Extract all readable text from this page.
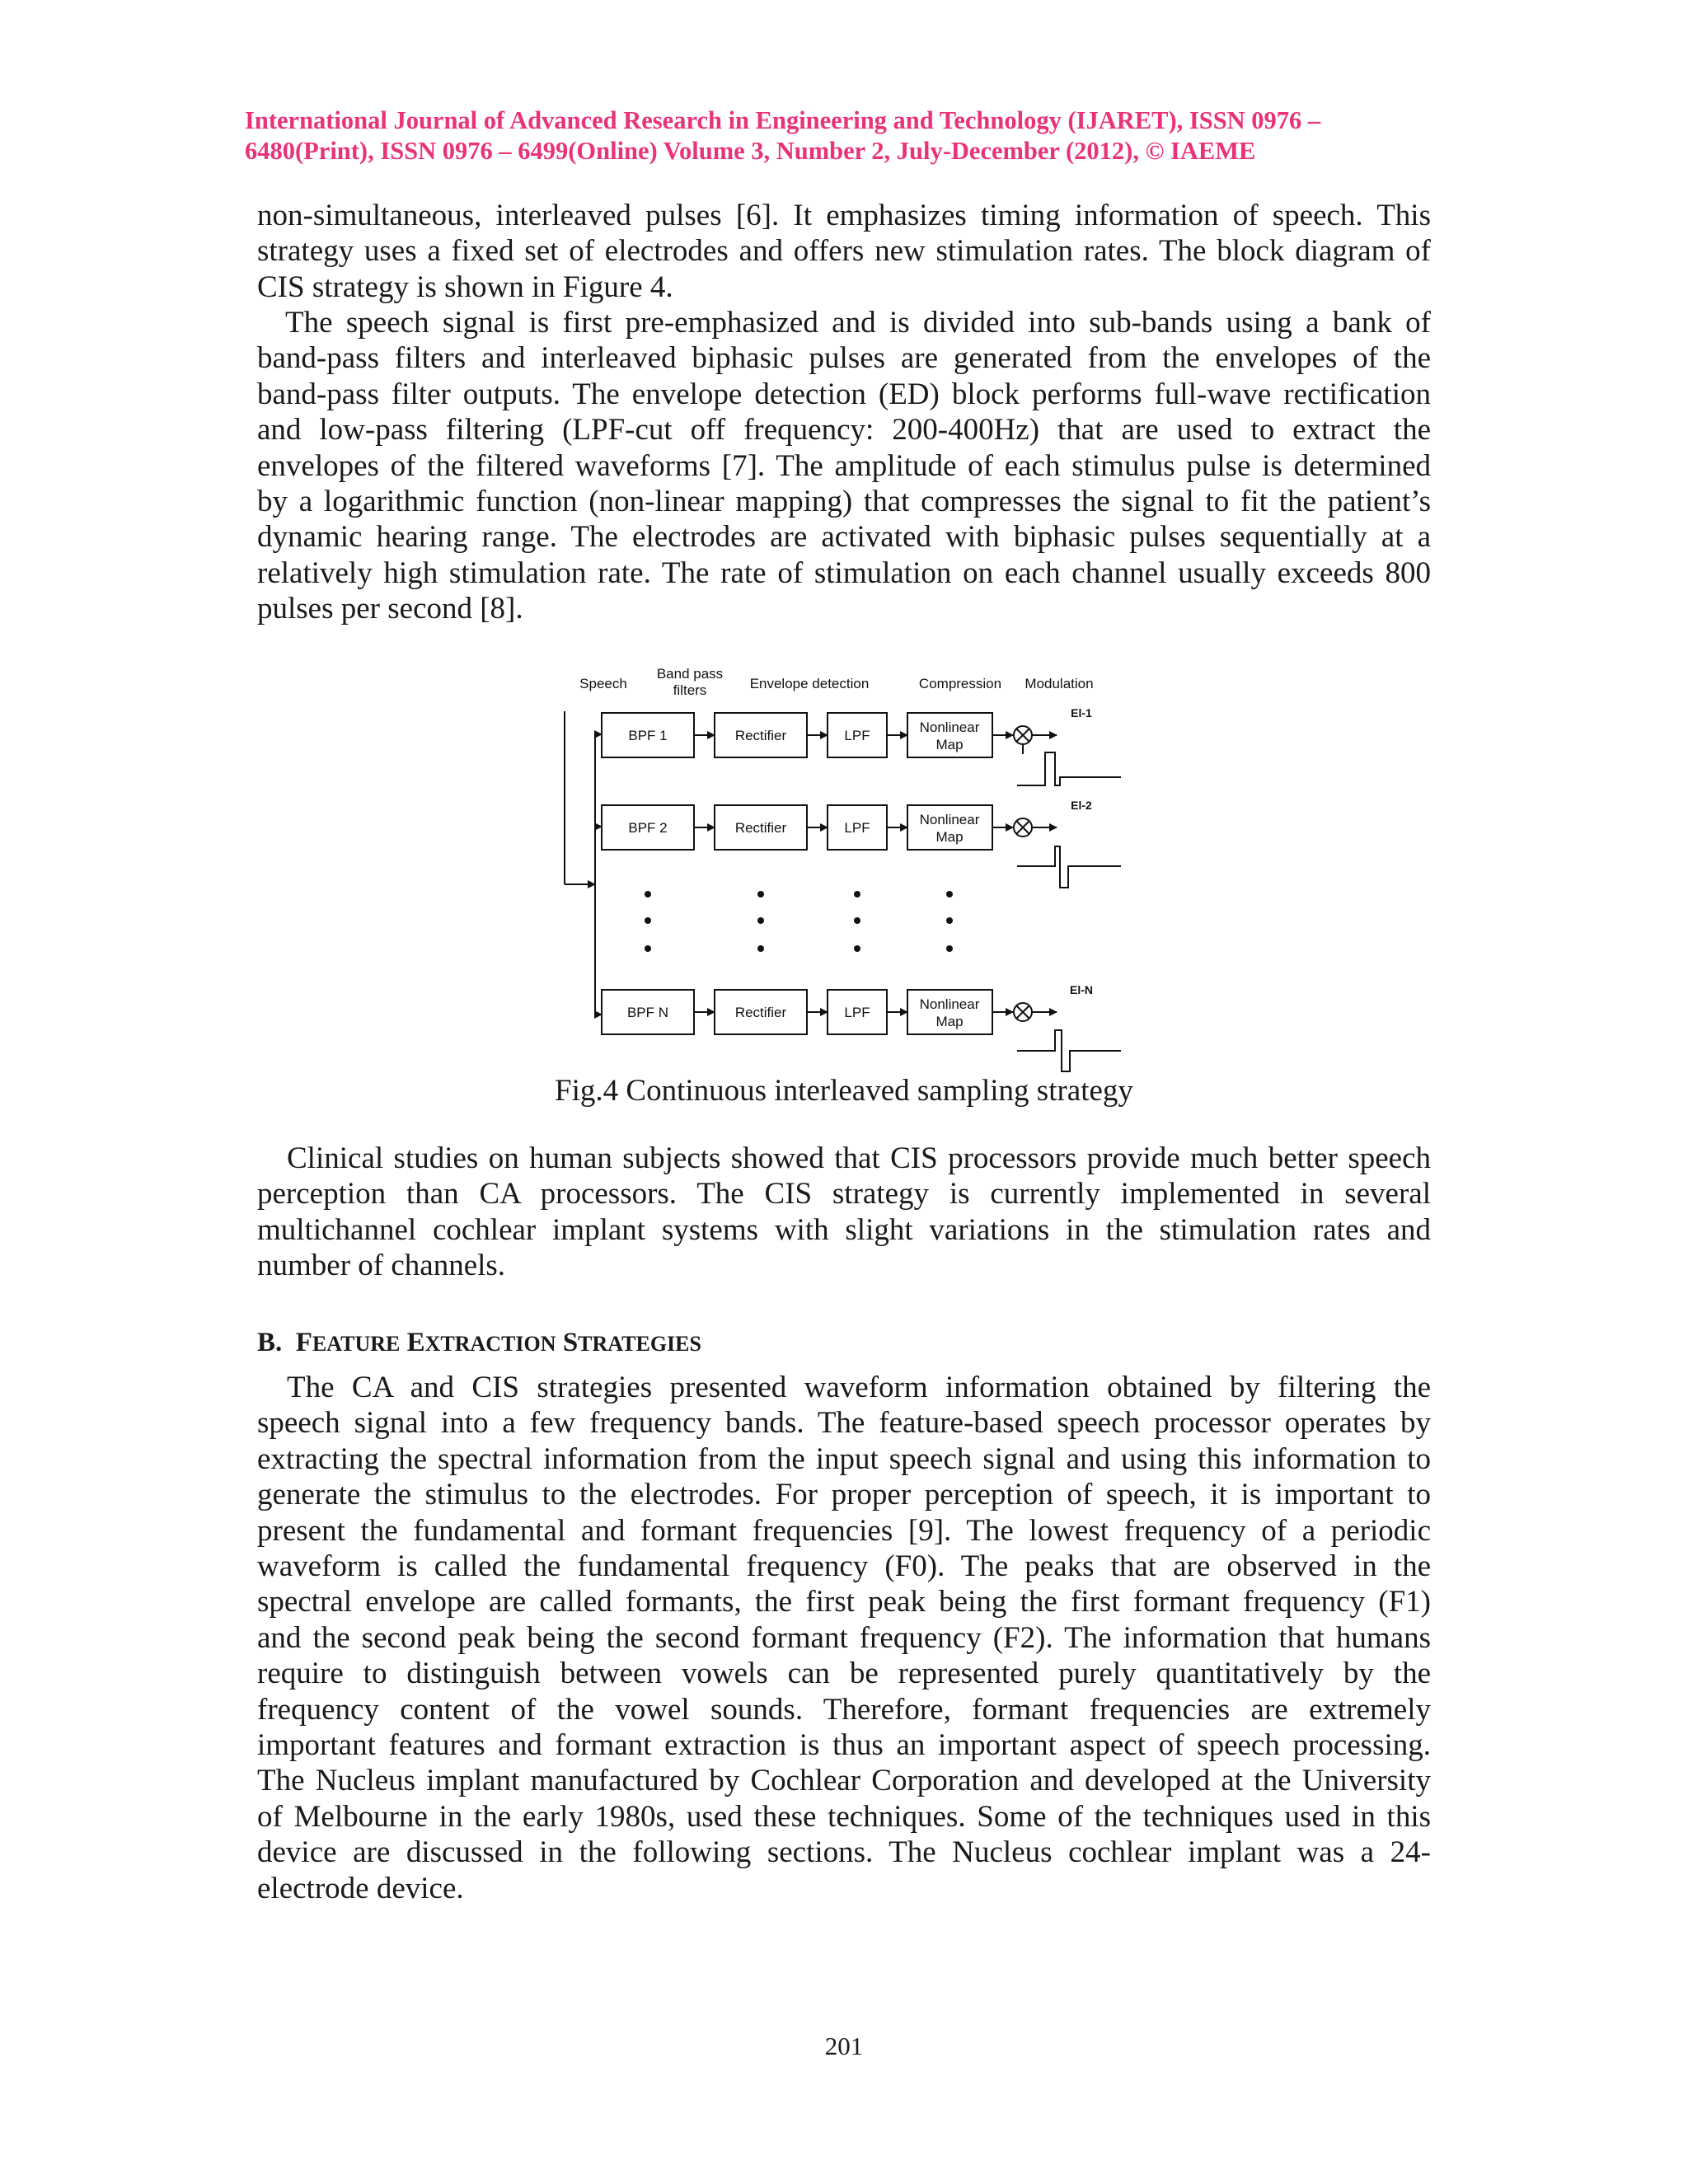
International Journal of Advanced Research in Engineering and Technology (IJARET), ISSN 0976 –
6480(Print), ISSN 0976 – 6499(Online) Volume 3, Number 2, July-December (2012), © IAEME
non-simultaneous, interleaved pulses [6]. It emphasizes timing information of speech. This
strategy uses a fixed set of electrodes and offers new stimulation rates. The block diagram of
CIS strategy is shown in Figure 4.
The speech signal is first pre-emphasized and is divided into sub-bands using a bank of
band-pass filters and interleaved biphasic pulses are generated from the envelopes of the
band-pass filter outputs. The envelope detection (ED) block performs full-wave rectification
and low-pass filtering (LPF-cut off frequency: 200-400Hz) that are used to extract the
envelopes of the filtered waveforms [7]. The amplitude of each stimulus pulse is determined
by a logarithmic function (non-linear mapping) that compresses the signal to fit the patient’s
dynamic hearing range. The electrodes are activated with biphasic pulses sequentially at a
relatively high stimulation rate. The rate of stimulation on each channel usually exceeds 800
pulses per second [8].
Speech
Band pass
filters	Envelope detection	Compression Modulation
BPF 1	Rectifier	LPF
Nonlinear
Map
El-1
BPF 2	Rectifier	LPF
Nonlinear
Map
El-2
BPF N	Rectifier	LPF
Nonlinear
Map
El-N
Fig.4 Continuous interleaved sampling strategy
Clinical studies on human subjects showed that CIS processors provide much better speech
perception than CA processors. The CIS strategy is currently implemented in several
multichannel cochlear implant systems with slight variations in the stimulation rates and
number of channels.
B. FEATURE EXTRACTION STRATEGIES
The CA and CIS strategies presented waveform information obtained by filtering the
speech signal into a few frequency bands. The feature-based speech processor operates by
extracting the spectral information from the input speech signal and using this information to
generate the stimulus to the electrodes. For proper perception of speech, it is important to
present the fundamental and formant frequencies [9]. The lowest frequency of a periodic
waveform is called the fundamental frequency (F0). The peaks that are observed in the
spectral envelope are called formants, the first peak being the first formant frequency (F1)
and the second peak being the second formant frequency (F2). The information that humans
require to distinguish between vowels can be represented purely quantitatively by the
frequency content of the vowel sounds. Therefore, formant frequencies are extremely
important features and formant extraction is thus an important aspect of speech processing.
The Nucleus implant manufactured by Cochlear Corporation and developed at the University
of Melbourne in the early 1980s, used these techniques. Some of the techniques used in this
device are discussed in the following sections. The Nucleus cochlear implant was a 24-
electrode device.
201
